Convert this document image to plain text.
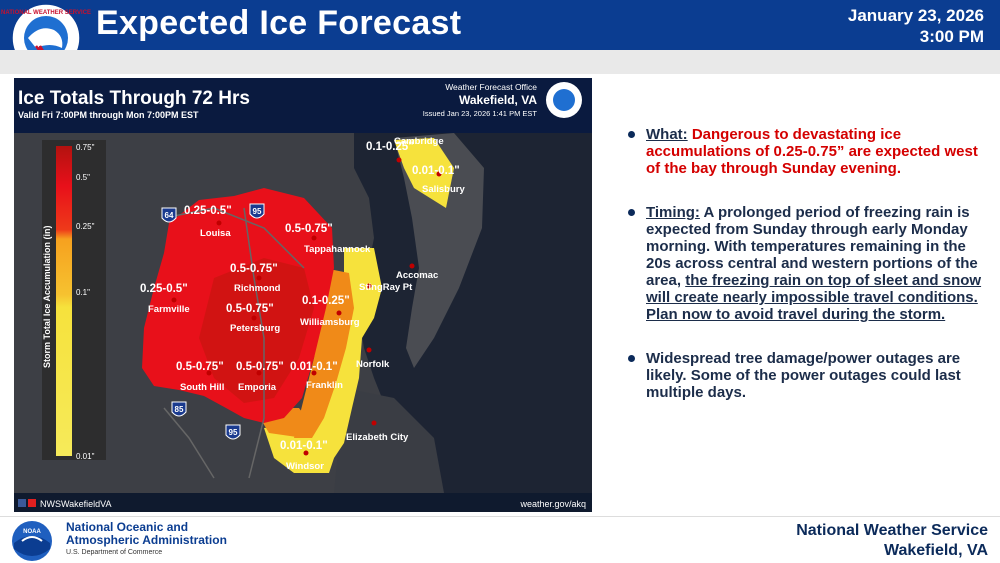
NATIONAL WEATHER SERVICE Expected Ice Forecast	January 23, 2026
3:00 PM
64	95
85
95
Cambridge
Salisbury
Louisa
Tappahannock
Accomac
Richmond	StingRay Pt
Farmville
Petersburg
Williamsburg
Norfolk
South Hill Emporia	Franklin
Elizabeth City
Windsor
0.1-0.25"
0.01-0.1"
0.25-0.5"
0.5-0.75"
0.5-0.75"
0.25-0.5"
0.5-0.75"
0.1-0.25"
0.5-0.75" 0.5-0.75" 0.01-0.1"
0.01-0.1"
Storm Total Ice Accumulation (in)
0.75"
0.5"
0.25"
0.1"
0.01"
Ice Totals Through 72 Hrs
Valid Fri 7:00PM through Mon 7:00PM EST
Weather Forecast Office
Wakefield, VA
Issued Jan 23, 2026 1:41 PM EST
NWSWakefieldVA	weather.gov/akq
What: Dangerous to devastating ice accumulations of 0.25-0.75” are expected west of the bay through Sunday evening.
Timing: A prolonged period of freezing rain is expected from Sunday through early Monday morning. With temperatures remaining in the 20s across central and western portions of the area, the freezing rain on top of sleet and snow will create nearly impossible travel conditions. Plan now to avoid travel during the storm.
Widespread tree damage/power outages are likely. Some of the power outages could last multiple days.
NOAA National Oceanic and
Atmospheric Administration
U.S. Department of Commerce
National Weather Service
Wakefield, VA
